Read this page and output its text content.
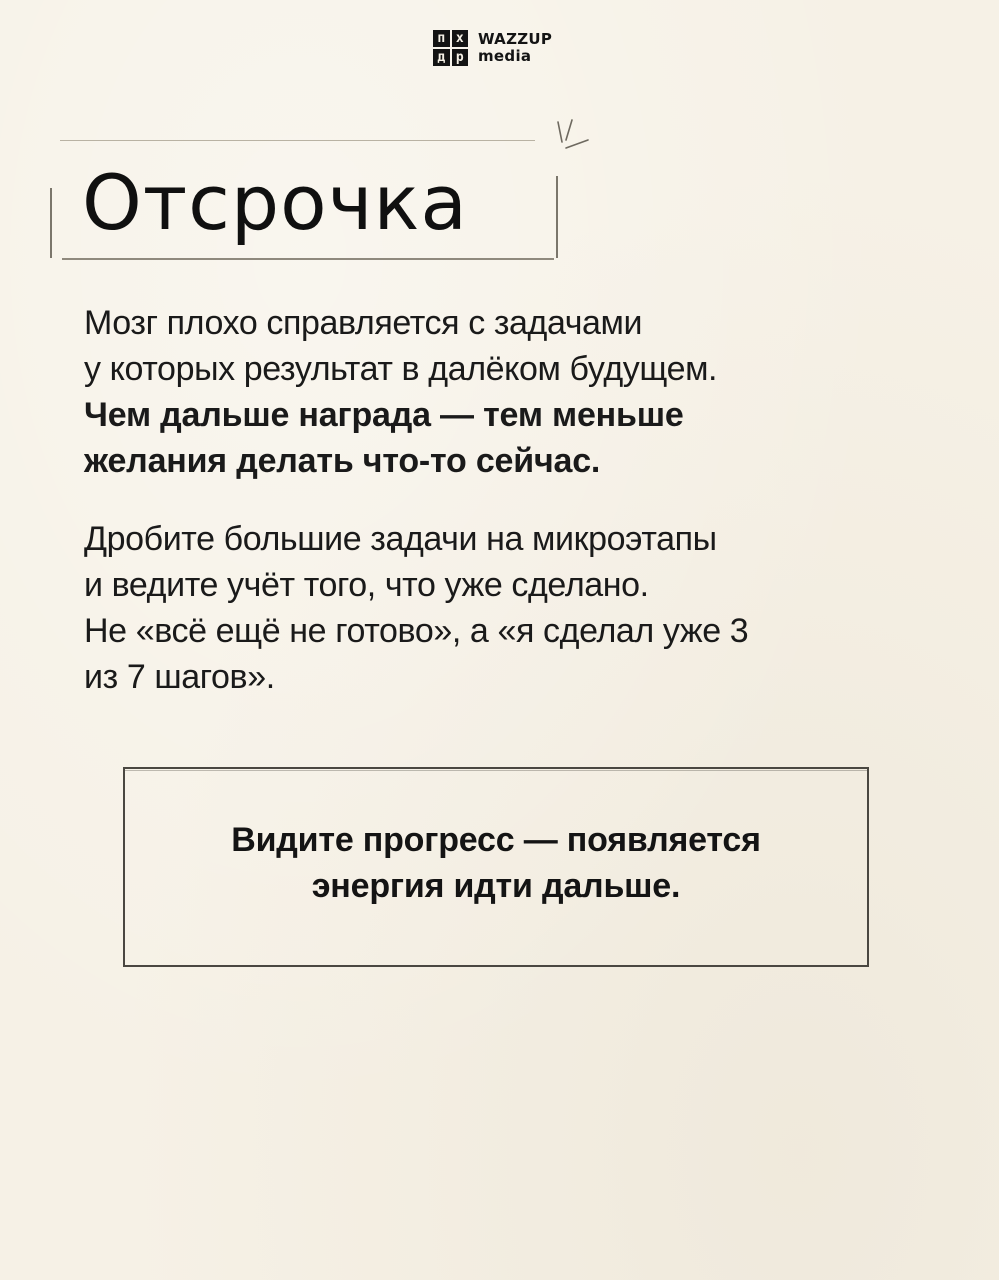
п х
д р
WAZZUP
media
Отсрочка

Мозг плохо справляется с задачами
у которых результат в далёком будущем.
Чем дальше награда — тем меньше
желания делать что-то сейчас.

Дробите большие задачи на микроэтапы
и ведите учёт того, что уже сделано.
Не «всё ещё не готово», а «я сделал уже 3
из 7 шагов».

Видите прогресс — появляется
энергия идти дальше.
